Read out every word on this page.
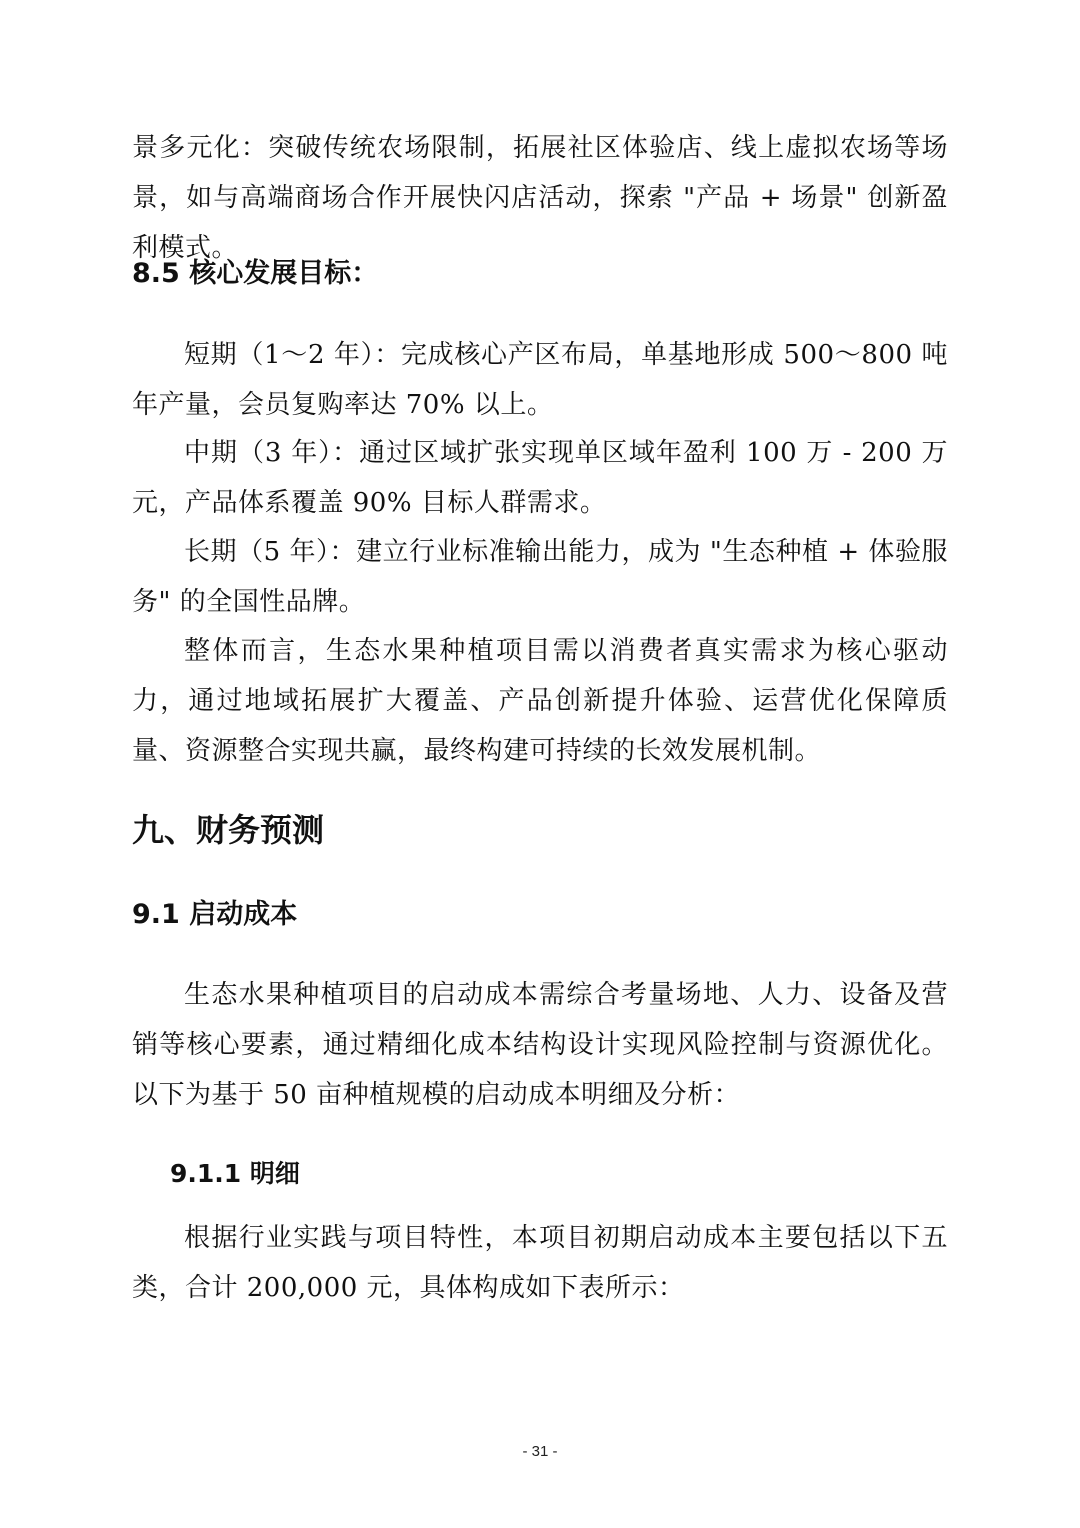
景多元化：突破传统农场限制，拓展社区体验店、线上虚拟农场等场景，如与高端商场合作开展快闪店活动，探索 "产品 + 场景" 创新盈利模式。

8.5 核心发展目标：

短期（1～2 年）：完成核心产区布局，单基地形成 500～800 吨年产量，会员复购率达 70% 以上。

中期（3 年）：通过区域扩张实现单区域年盈利 100 万 - 200 万元，产品体系覆盖 90% 目标人群需求。

长期（5 年）：建立行业标准输出能力，成为 "生态种植 + 体验服务" 的全国性品牌。

整体而言，生态水果种植项目需以消费者真实需求为核心驱动力，通过地域拓展扩大覆盖、产品创新提升体验、运营优化保障质量、资源整合实现共赢，最终构建可持续的长效发展机制。

九、财务预测
9.1 启动成本

生态水果种植项目的启动成本需综合考量场地、人力、设备及营销等核心要素，通过精细化成本结构设计实现风险控制与资源优化。以下为基于 50 亩种植规模的启动成本明细及分析：

9.1.1 明细

根据行业实践与项目特性，本项目初期启动成本主要包括以下五类，合计 200,000 元，具体构成如下表所示：

- 31 -
